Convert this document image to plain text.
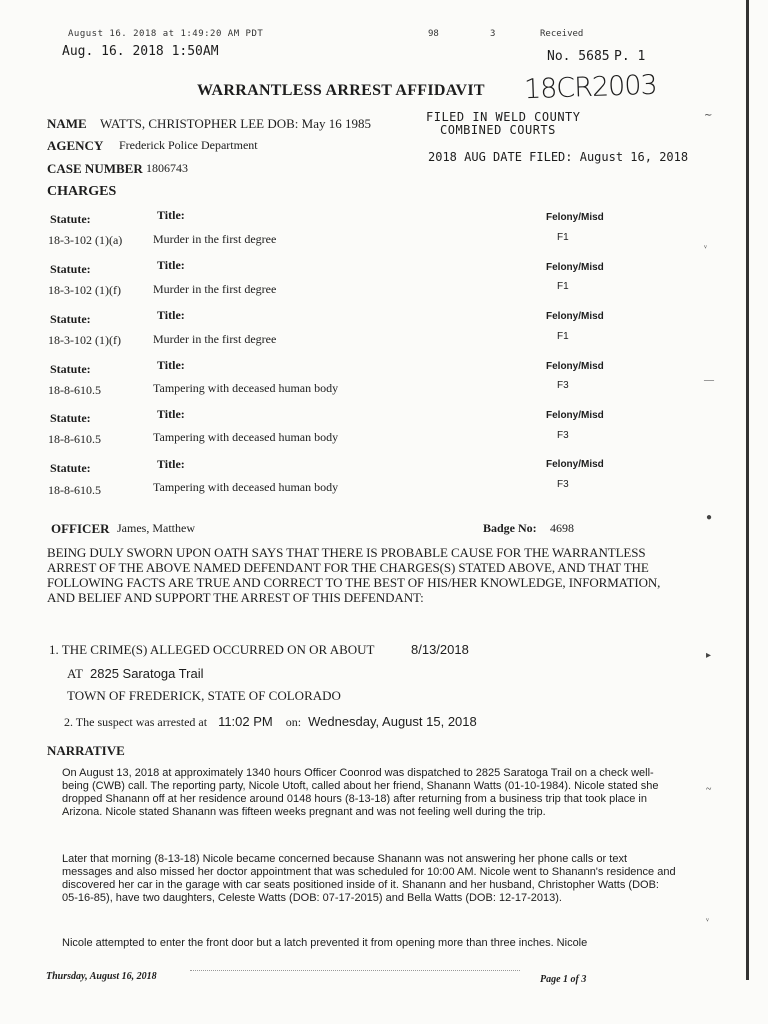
August 16. 2018 at 1:49:20 AM PDT	98	3	Received
Aug. 16. 2018 1:50AM	No. 5685 P. 1
WARRANTLESS ARREST AFFIDAVIT 18CR2003
FILED IN WELD COUNTY
COMBINED COURTS
2018 AUG DATE FILED: August 16, 2018
NAME WATTS, CHRISTOPHER LEE DOB: May 16 1985
AGENCY Frederick Police Department
CASE NUMBER 1806743
CHARGES
Statute:	Title:	Felony/Misd
18-3-102 (1)(a)	Murder in the first degree	F1
Statute:	Title:	Felony/Misd
18-3-102 (1)(f)	Murder in the first degree	F1
Statute:	Title:	Felony/Misd
18-3-102 (1)(f)	Murder in the first degree	F1
Statute:	Title:	Felony/Misd
18-8-610.5	Tampering with deceased human body	F3
Statute:	Title:	Felony/Misd
18-8-610.5	Tampering with deceased human body	F3
Statute:	Title:	Felony/Misd
18-8-610.5	Tampering with deceased human body	F3
OFFICER James, Matthew	Badge No: 4698
BEING DULY SWORN UPON OATH SAYS THAT THERE IS PROBABLE CAUSE FOR THE WARRANTLESS ARREST OF THE ABOVE NAMED DEFENDANT FOR THE CHARGES(S) STATED ABOVE, AND THAT THE FOLLOWING FACTS ARE TRUE AND CORRECT TO THE BEST OF HIS/HER KNOWLEDGE, INFORMATION, AND BELIEF AND SUPPORT THE ARREST OF THIS DEFENDANT:
1. THE CRIME(S) ALLEGED OCCURRED ON OR ABOUT	8/13/2018
AT 2825 Saratoga Trail
TOWN OF FREDERICK, STATE OF COLORADO
2. The suspect was arrested at 11:02 PM on: Wednesday, August 15, 2018
NARRATIVE
On August 13, 2018 at approximately 1340 hours Officer Coonrod was dispatched to 2825 Saratoga Trail on a check well-being (CWB) call. The reporting party, Nicole Utoft, called about her friend, Shanann Watts (01-10-1984). Nicole stated she dropped Shanann off at her residence around 0148 hours (8-13-18) after returning from a business trip that took place in Arizona. Nicole stated Shanann was fifteen weeks pregnant and was not feeling well during the trip.
Later that morning (8-13-18) Nicole became concerned because Shanann was not answering her phone calls or text messages and also missed her doctor appointment that was scheduled for 10:00 AM. Nicole went to Shanann's residence and discovered her car in the garage with car seats positioned inside of it. Shanann and her husband, Christopher Watts (DOB: 05-16-85), have two daughters, Celeste Watts (DOB: 07-17-2015) and Bella Watts (DOB: 12-17-2013).
Nicole attempted to enter the front door but a latch prevented it from opening more than three inches. Nicole
Thursday, August 16, 2018	Page 1 of 3
∼
ᵛ
—
●
▸
~
ᵛ
